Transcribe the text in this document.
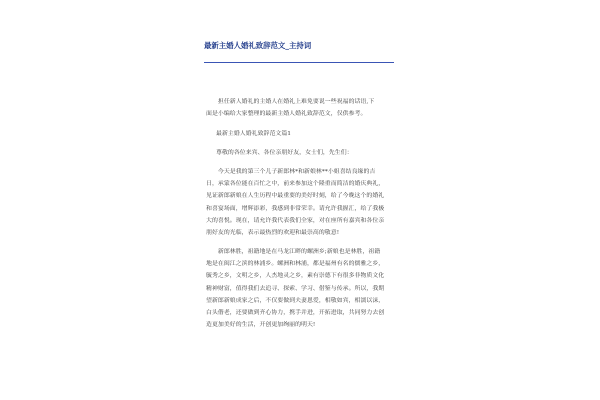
最新主婚人婚礼致辞范文_主持词
　　担任新人婚礼的主婚人在婚礼上难免要说一些祝福的话语,下
面是小编给大家整理的最新主婚人婚礼致辞范文，仅供参考。
最新主婚人婚礼致辞范文篇1
尊敬的各位来宾、各位亲朋好友，女士们，先生们：
　　今天是我的第三个儿子新郎林*和新娘林**小姐喜结良缘的吉
日，承蒙各位能在百忙之中，前来参加这个隆重而简洁的婚庆典礼，
见证新郎新娘在人生历程中最重要的美好时刻，给了今晚这个的婚礼
和喜宴场面，增辉添彩，我感到非常荣幸。请允许我握汇，给了我极
大的喜悦。现在，请允许我代表我们全家，对在座所有嘉宾和各位亲
朋好友的光临，表示最热烈的欢迎和最崇高的敬意!
　　新郎林胜，祖籍地是在马龙江畔的螺洲乡;新娘也是林胜，祖籍
地是在闽江之滨的林浦乡。螺洲和林浦，都是福州有名的儒雅之乡，
毓秀之乡，文明之乡，人杰地灵之乡，素有崇德下有很多非物质文化
精神财富，值得我们去追寻、探索、学习、借鉴与传承。所以，我期
望新郎新娘成家之后，不仅要做到夫妻恩爱，相敬如宾，相濡以沫，
白头偕老，还要做到齐心协力，携手并进，开拓进取，共同努力去创
造更加美好的生活，开创更加绚丽的明天!
